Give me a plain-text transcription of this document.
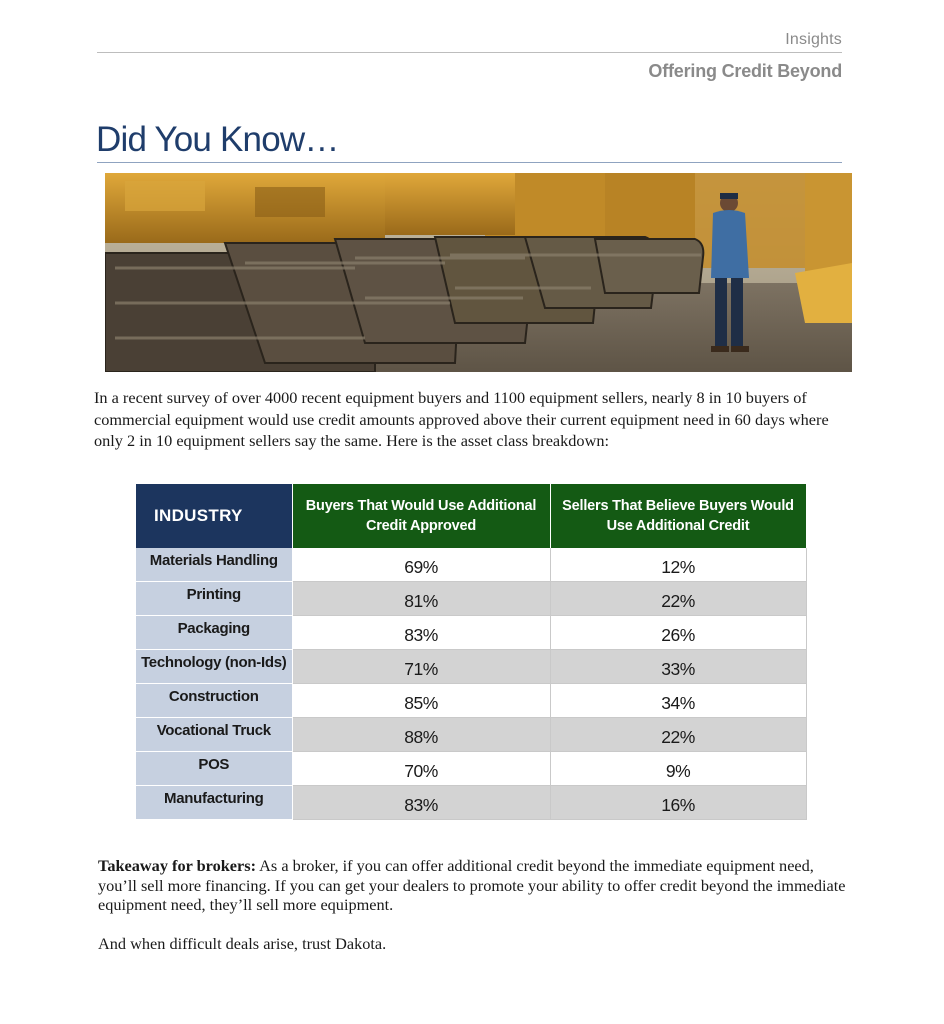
Insights
Offering Credit Beyond
Did You Know…

In a recent survey of over 4000 recent equipment buyers and 1100 equipment sellers, nearly 8 in 10 buyers of commercial equipment would use credit amounts approved above their current equipment need in 60 days where only 2 in 10 equipment sellers say the same. Here is the asset class breakdown:

INDUSTRY	Buyers That Would Use Additional Credit Approved	Sellers That Believe Buyers Would Use Additional Credit
Materials Handling	69%	12%
Printing	81%	22%
Packaging	83%	26%
Technology (non-Ids)	71%	33%
Construction	85%	34%
Vocational Truck	88%	22%
POS	70%	9%
Manufacturing	83%	16%

Takeaway for brokers: As a broker, if you can offer additional credit beyond the immediate equipment need, you’ll sell more financing. If you can get your dealers to promote your ability to offer credit beyond the immediate equipment need, they’ll sell more equipment.

And when difficult deals arise, trust Dakota.
